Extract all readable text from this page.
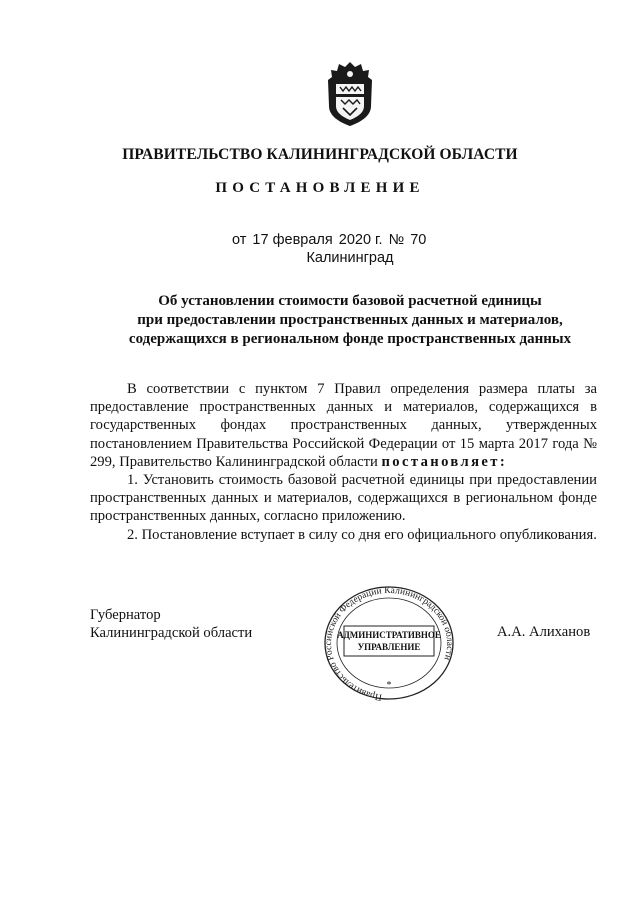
ПРАВИТЕЛЬСТВО КАЛИНИНГРАДСКОЙ ОБЛАСТИ
ПОСТАНОВЛЕНИЕ
от 17 февраля 2020 г. № 70
Калининград
Об установлении стоимости базовой расчетной единицы
при предоставлении пространственных данных и материалов,
содержащихся в региональном фонде пространственных данных

В соответствии с пунктом 7 Правил определения размера платы за предоставление пространственных данных и материалов, содержащихся в государственных фондах пространственных данных, утвержденных постановлением Правительства Российской Федерации от 15 марта 2017 года № 299, Правительство Калининградской области постановляет:

1. Установить стоимость базовой расчетной единицы при предоставлении пространственных данных и материалов, содержащихся в региональном фонде пространственных данных, согласно приложению.

2. Постановление вступает в силу со дня его официального опубликования.

Губернатор
Калининградской области
Правительство Российской Федерации Калининградской области
АДМИНИСТРАТИВНОЕ
УПРАВЛЕНИЕ
*
А.А. Алиханов
